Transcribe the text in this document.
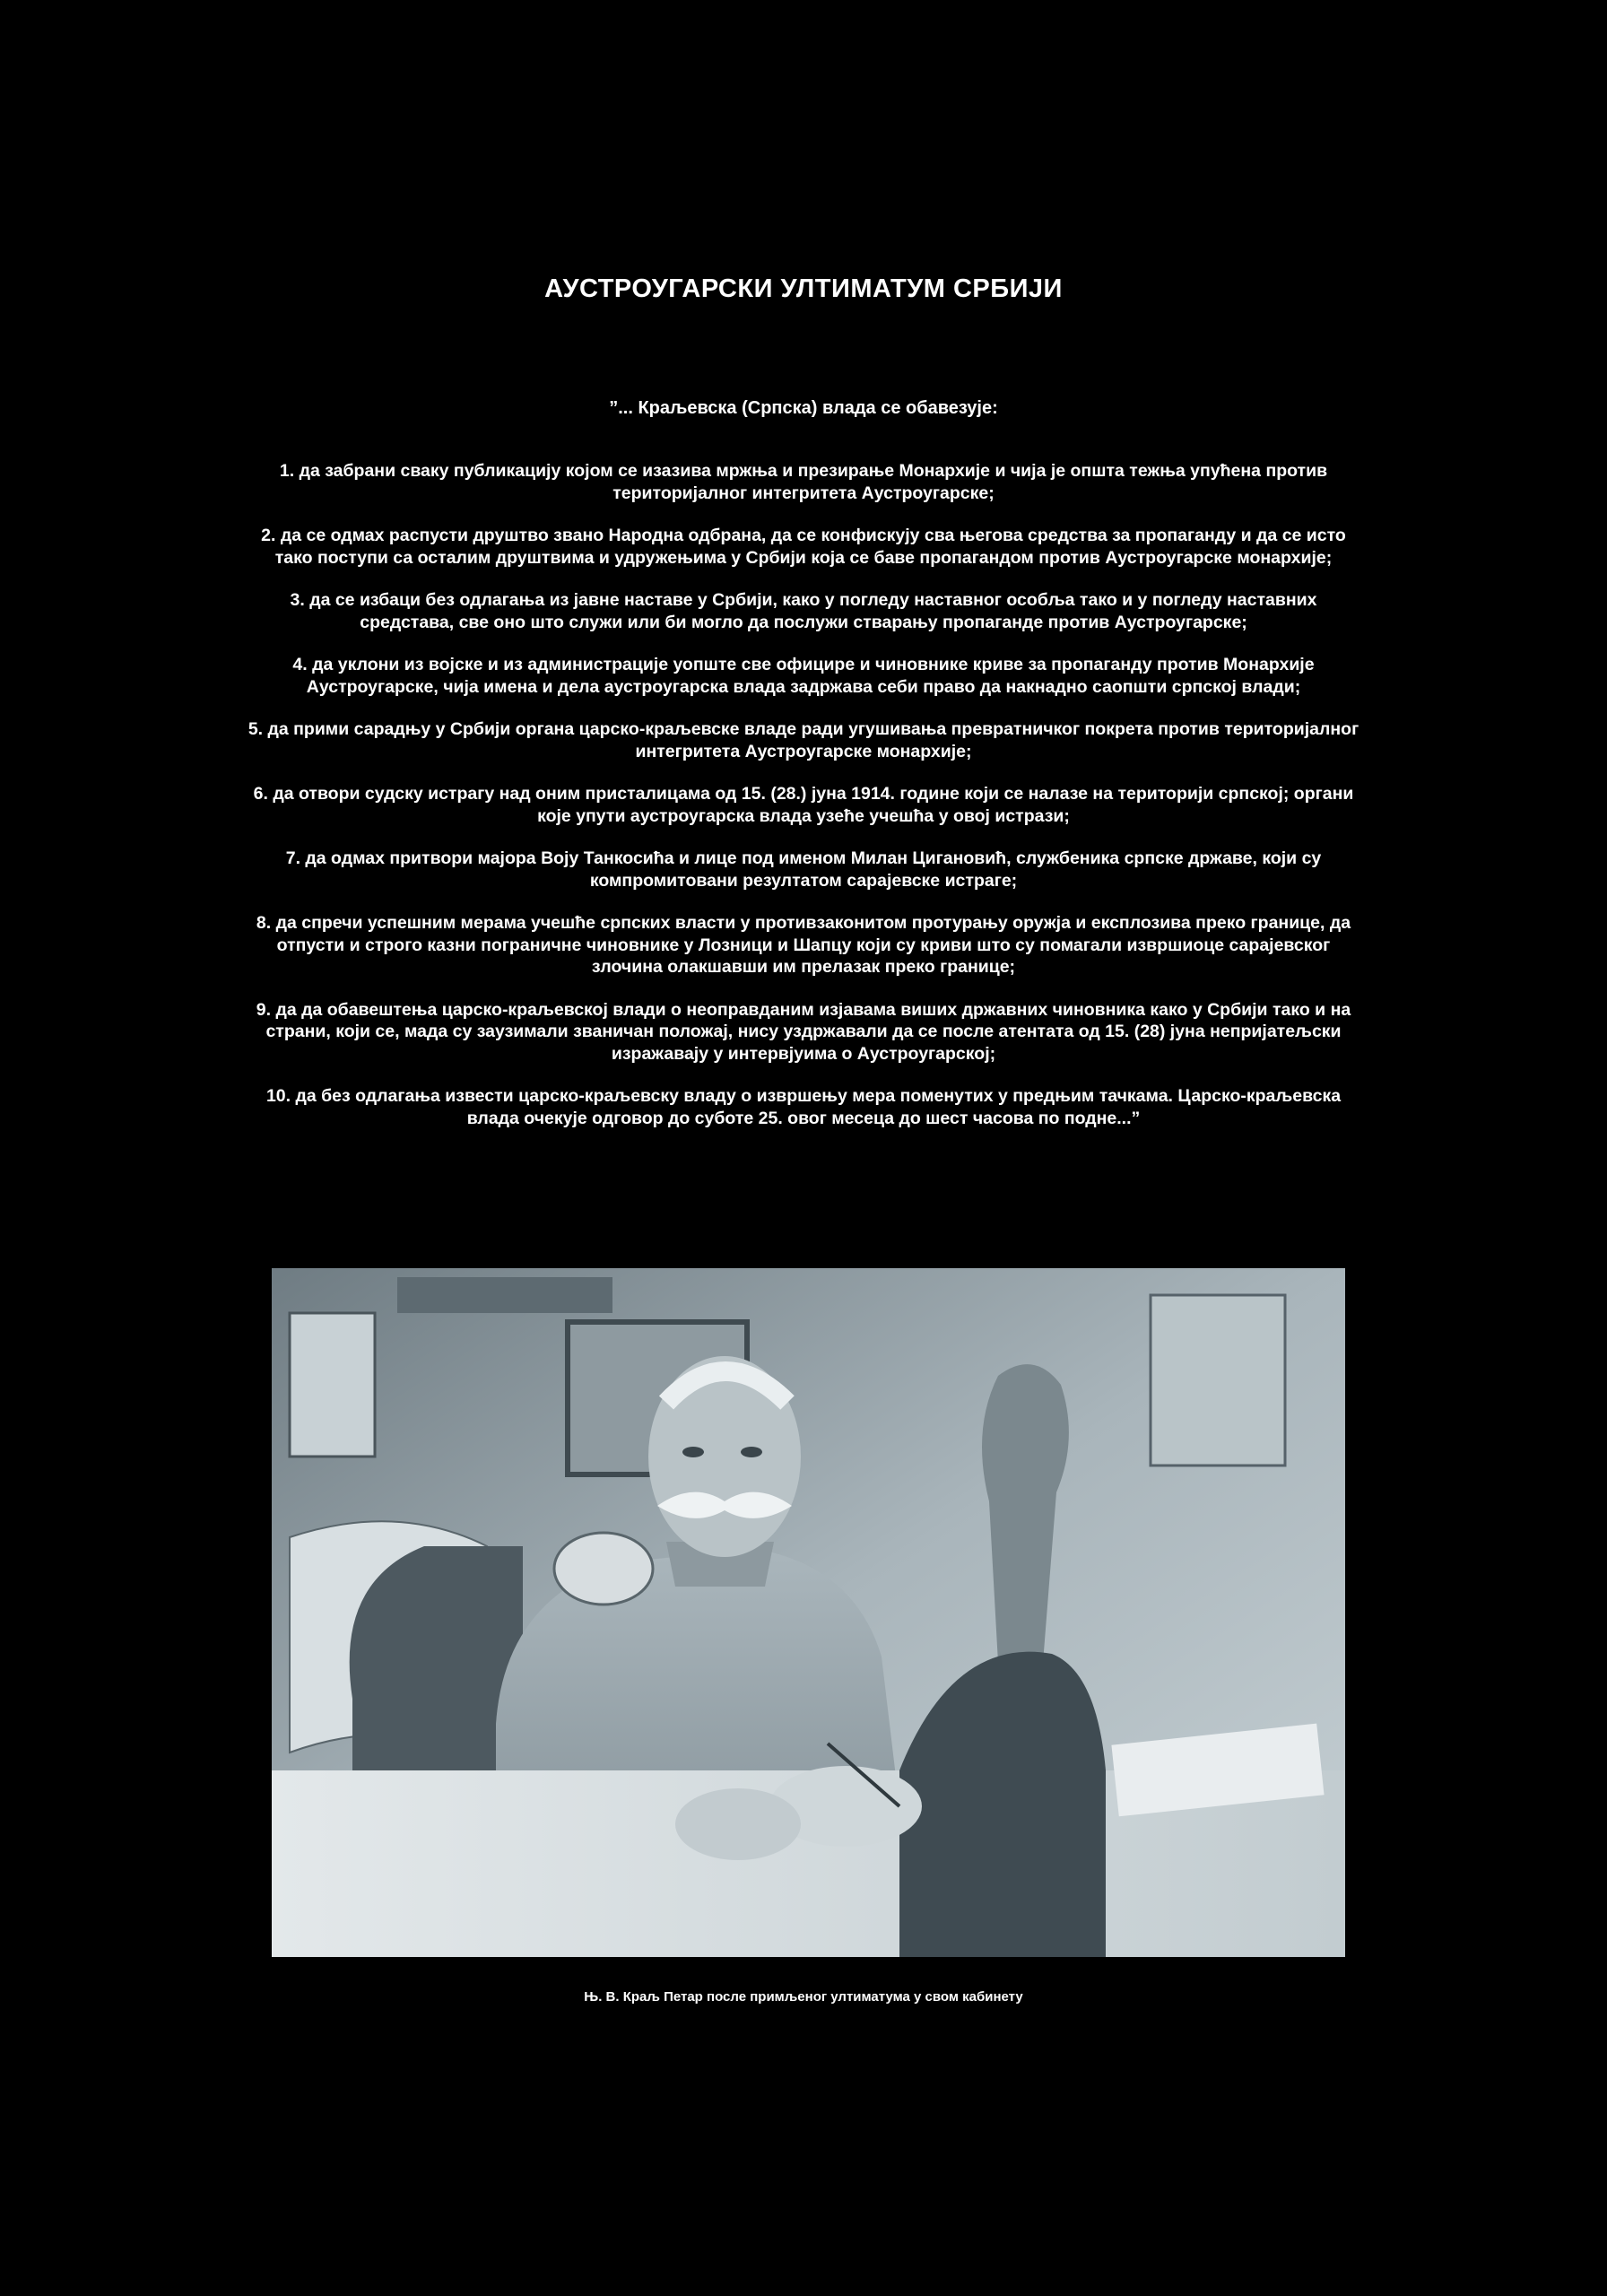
АУСТРОУГАРСКИ УЛТИМАТУМ СРБИЈИ

”... Краљевска (Српска) влада се обавезује:

1. да забрани сваку публикацију којом се изазива мржња и презирање Монархије и чија је општа тежња упућена против територијалног интегритета Аустроугарске;
2. да се одмах распусти друштво звано Народна одбрана, да се конфискују сва његова средства за пропаганду и да се исто тако поступи са осталим друштвима и удружењима у Србији која се баве пропагандом против Аустроугарске монархије;
3. да се избаци без одлагања из јавне наставе у Србији, како у погледу наставног особља тако и у погледу наставних средстава, све оно што служи или би могло да послужи стварању пропаганде против Аустроугарске;
4. да уклони из војске и из администрације уопште све официре и чиновнике криве за пропаганду против Монархије Аустроугарске, чија имена и дела аустроугарска влада задржава себи право да накнадно саопшти српској влади;
5. да прими сарадњу у Србији органа царско-краљевске владе ради угушивања превратничког покрета против територијалног интегритета Аустроугарске монархије;
6. да отвори судску истрагу над оним присталицама од 15. (28.) јуна 1914. године који се налазе на територији српској; органи које упути аустроугарска влада узеће учешћа у овој истрази;
7. да одмах притвори мајора Воју Танкосића и лице под именом Милан Цигановић, службеника српске државе, који су компромитовани резултатом сарајевске истраге;
8. да спречи успешним мерама учешће српских власти у противзаконитом протурању оружја и експлозива преко границе, да отпусти и строго казни пограничне чиновнике у Лозници и Шапцу који су криви што су помагали извршиоце сарајевског злочина олакшавши им прелазак преко границе;
9. да да обавештења царско-краљевској влади о неоправданим изјавама виших државних чиновника како у Србији тако и на страни, који се, мада су заузимали званичан положај, нису уздржавали да се после атентата од 15. (28) јуна непријатељски изражавају у интервјуима о Аустроугарској;
10. да без одлагања извести царско-краљевску владу о извршењу мера поменутих у предњим тачкама. Царско-краљевска влада очекује одговор до суботе 25. овог месеца до шест часова по подне...”

Њ. В. Краљ Петар после примљеног ултиматума у свом кабинету
